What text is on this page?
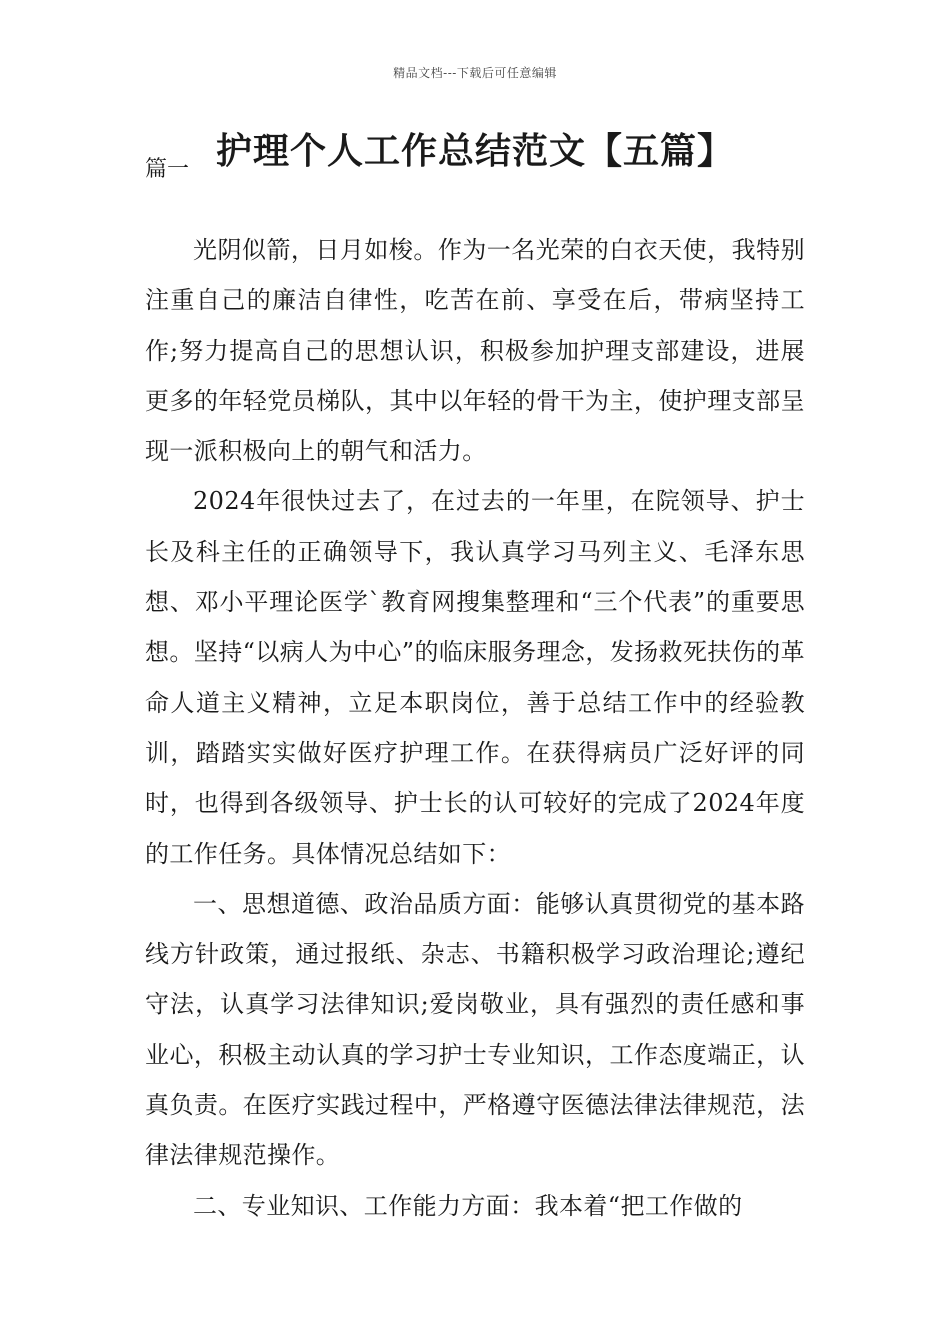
精品文档---下载后可任意编辑
护理个人工作总结范文【五篇】

篇一

光阴似箭，日月如梭。作为一名光荣的白衣天使，我特别注重自己的廉洁自律性，吃苦在前、享受在后，带病坚持工作;努力提高自己的思想认识，积极参加护理支部建设，进展更多的年轻党员梯队，其中以年轻的骨干为主，使护理支部呈现一派积极向上的朝气和活力。

2024年很快过去了，在过去的一年里，在院领导、护士长及科主任的正确领导下，我认真学习马列主义、毛泽东思想、邓小平理论医学`教育网搜集整理和“三个代表”的重要思想。坚持“以病人为中心”的临床服务理念，发扬救死扶伤的革命人道主义精神，立足本职岗位，善于总结工作中的经验教训，踏踏实实做好医疗护理工作。在获得病员广泛好评的同时，也得到各级领导、护士长的认可较好的完成了2024年度的工作任务。具体情况总结如下：

一、思想道德、政治品质方面：能够认真贯彻党的基本路线方针政策，通过报纸、杂志、书籍积极学习政治理论;遵纪守法，认真学习法律知识;爱岗敬业，具有强烈的责任感和事业心，积极主动认真的学习护士专业知识，工作态度端正，认真负责。在医疗实践过程中，严格遵守医德法律法律规范，法律法律规范操作。

二、专业知识、工作能力方面：我本着“把工作做的
